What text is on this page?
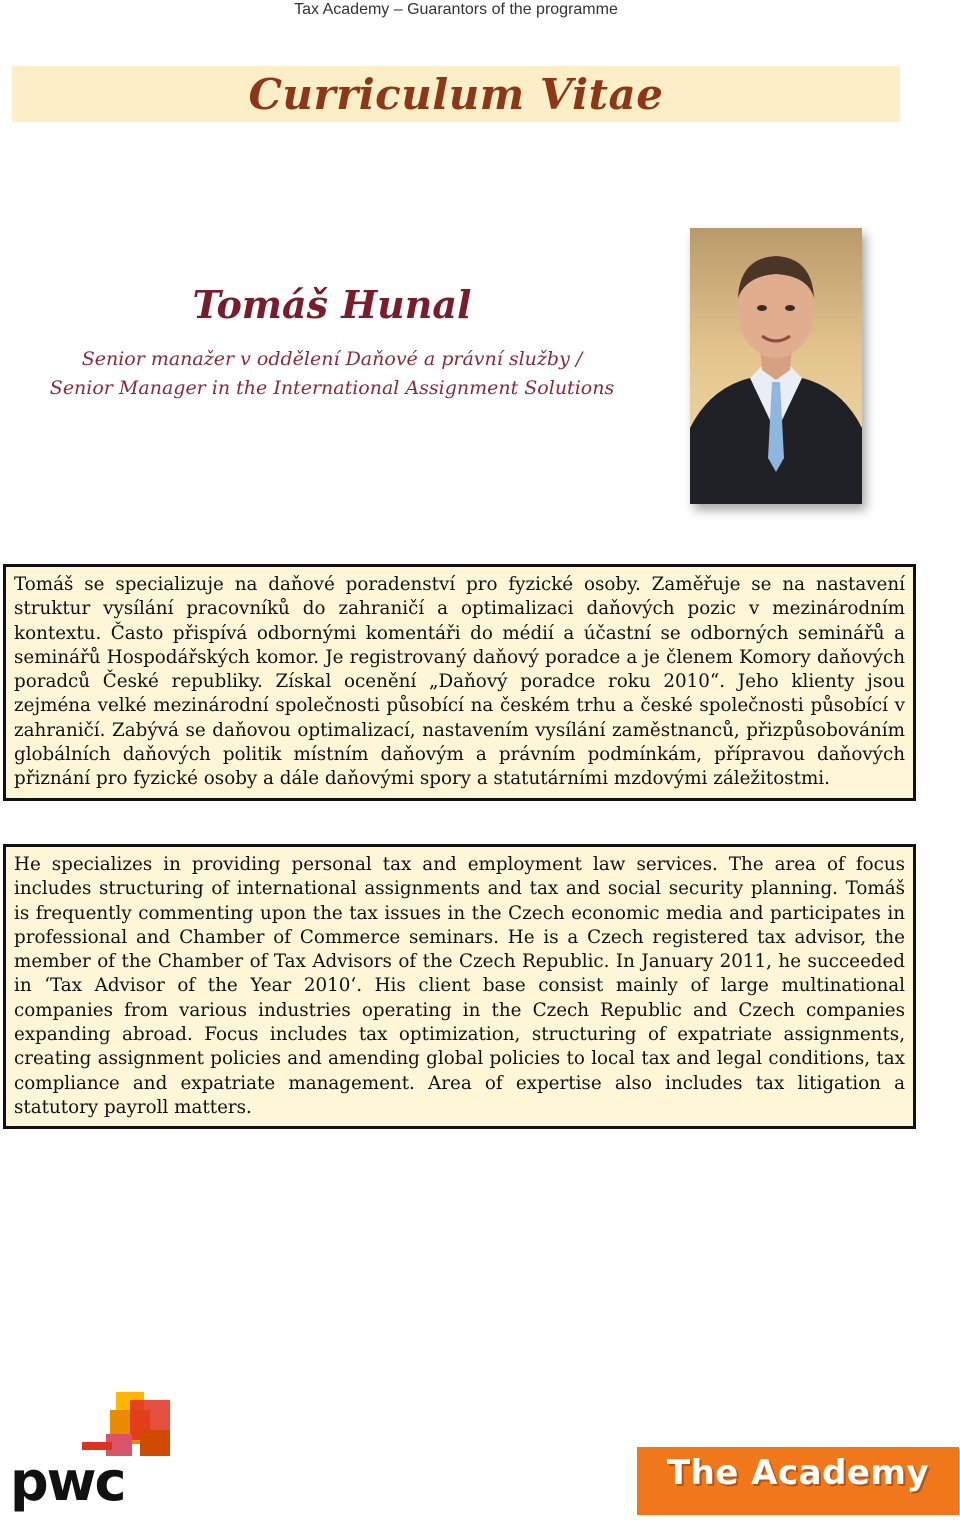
Tax Academy – Guarantors of the programme
Curriculum Vitae
Tomáš Hunal
Senior manažer v oddělení Daňové a právní služby /
Senior Manager in the International Assignment Solutions

Tomáš se specializuje na daňové poradenství pro fyzické osoby. Zaměřuje se na nastavení struktur vysílání pracovníků do zahraničí a optimalizaci daňových pozic v mezinárodním kontextu. Často přispívá odbornými komentáři do médií a účastní se odborných seminářů a seminářů Hospodářských komor. Je registrovaný daňový poradce a je členem Komory daňových poradců České republiky. Získal ocenění „Daňový poradce roku 2010“. Jeho klienty jsou zejména velké mezinárodní společnosti působící na českém trhu a české společnosti působící v zahraničí. Zabývá se daňovou optimalizací, nastavením vysílání zaměstnanců, přizpůsobováním globálních daňových politik místním daňovým a právním podmínkám, přípravou daňových přiznání pro fyzické osoby a dále daňovými spory a statutárními mzdovými záležitostmi.

He specializes in providing personal tax and employment law services. The area of focus includes structuring of international assignments and tax and social security planning. Tomáš is frequently commenting upon the tax issues in the Czech economic media and participates in professional and Chamber of Commerce seminars. He is a Czech registered tax advisor, the member of the Chamber of Tax Advisors of the Czech Republic. In January 2011, he succeeded in ‘Tax Advisor of the Year 2010‘. His client base consist mainly of large multinational companies from various industries operating in the Czech Republic and Czech companies expanding abroad. Focus includes tax optimization, structuring of expatriate assignments, creating assignment policies and amending global policies to local tax and legal conditions, tax compliance and expatriate management. Area of expertise also includes tax litigation a statutory payroll matters.

pwc	The Academy
